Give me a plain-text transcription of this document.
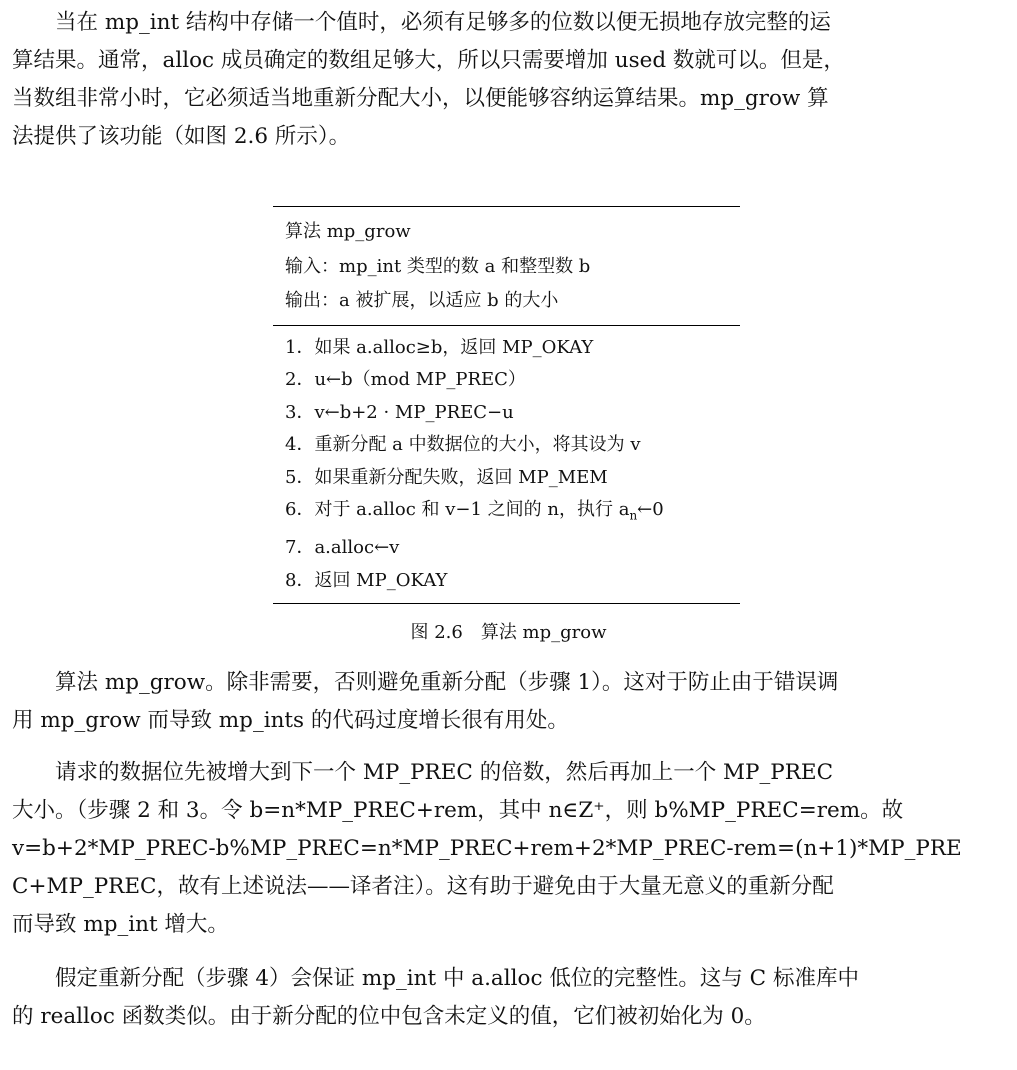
当在 mp_int 结构中存储一个值时，必须有足够多的位数以便无损地存放完整的运
算结果。通常，alloc 成员确定的数组足够大，所以只需要增加 used 数就可以。但是，
当数组非常小时，它必须适当地重新分配大小，以便能够容纳运算结果。mp_grow 算
法提供了该功能（如图 2.6 所示）。

算法 mp_grow
输入：mp_int 类型的数 a 和整型数 b
输出：a 被扩展，以适应 b 的大小
1．如果 a.alloc≥b，返回 MP_OKAY
2．u←b（mod MP_PREC）
3．v←b+2 · MP_PREC−u
4．重新分配 a 中数据位的大小，将其设为 v
5．如果重新分配失败，返回 MP_MEM
6．对于 a.alloc 和 v−1 之间的 n，执行 $a_n\leftarrow 0$
7．a.alloc←v
8．返回 MP_OKAY
图 2.6 算法 mp_grow

算法 mp_grow。除非需要，否则避免重新分配（步骤 1）。这对于防止由于错误调
用 mp_grow 而导致 mp_ints 的代码过度增长很有用处。

请求的数据位先被增大到下一个 MP_PREC 的倍数，然后再加上一个 MP_PREC
大小。（步骤 2 和 3。令 b=n*MP_PREC+rem，其中 n∈Z⁺，则 b%MP_PREC=rem。故
v=b+2*MP_PREC-b%MP_PREC=n*MP_PREC+rem+2*MP_PREC-rem=(n+1)*MP_PRE
C+MP_PREC，故有上述说法——译者注）。这有助于避免由于大量无意义的重新分配
而导致 mp_int 增大。

假定重新分配（步骤 4）会保证 mp_int 中 a.alloc 低位的完整性。这与 C 标准库中
的 realloc 函数类似。由于新分配的位中包含未定义的值，它们被初始化为 0。
